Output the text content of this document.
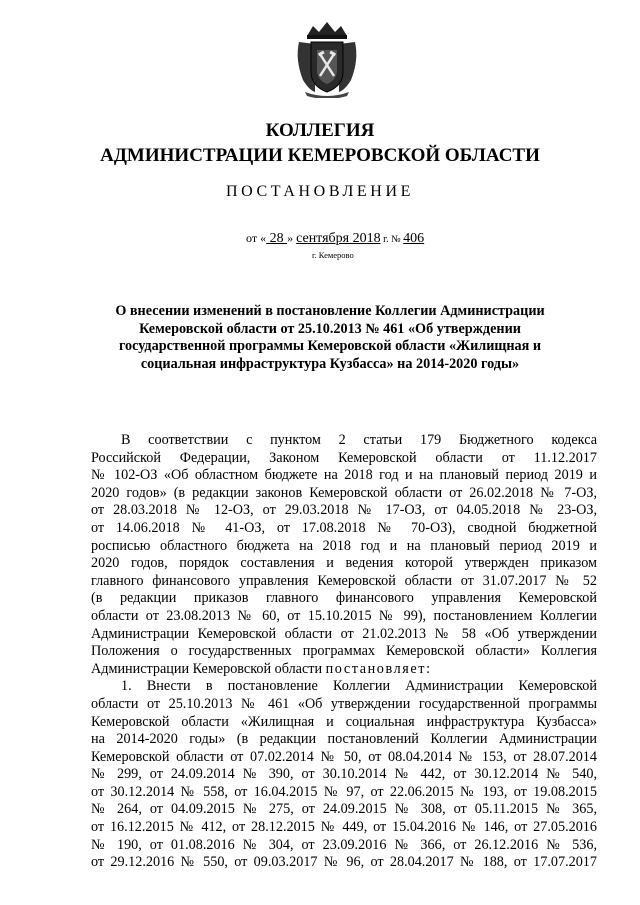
КОЛЛЕГИЯ
АДМИНИСТРАЦИИ КЕМЕРОВСКОЙ ОБЛАСТИ
ПОСТАНОВЛЕНИЕ
от « 28 » сентября 2018 г. № 406
г. Кемерово
О внесении изменений в постановление Коллегии Администрации Кемеровской области от 25.10.2013 № 461 «Об утверждении государственной программы Кемеровской области «Жилищная и социальная инфраструктура Кузбасса» на 2014-2020 годы»
В соответствии с пунктом 2 статьи 179 Бюджетного кодекса
Российской Федерации, Законом Кемеровской области от 11.12.2017
№ 102-ОЗ «Об областном бюджете на 2018 год и на плановый период 2019 и
2020 годов» (в редакции законов Кемеровской области от 26.02.2018 № 7-ОЗ,
от 28.03.2018 № 12-ОЗ, от 29.03.2018 № 17-ОЗ, от 04.05.2018 № 23-ОЗ,
от 14.06.2018 № 41-ОЗ, от 17.08.2018 № 70-ОЗ), сводной бюджетной
росписью областного бюджета на 2018 год и на плановый период 2019 и
2020 годов, порядок составления и ведения которой утвержден приказом
главного финансового управления Кемеровской области от 31.07.2017 № 52
(в редакции приказов главного финансового управления Кемеровской
области от 23.08.2013 № 60, от 15.10.2015 № 99), постановлением Коллегии
Администрации Кемеровской области от 21.02.2013 № 58 «Об утверждении
Положения о государственных программах Кемеровской области» Коллегия
Администрации Кемеровской области постановляет:
1. Внести в постановление Коллегии Администрации Кемеровской
области от 25.10.2013 № 461 «Об утверждении государственной программы
Кемеровской области «Жилищная и социальная инфраструктура Кузбасса»
на 2014-2020 годы» (в редакции постановлений Коллегии Администрации
Кемеровской области от 07.02.2014 № 50, от 08.04.2014 № 153, от 28.07.2014
№ 299, от 24.09.2014 № 390, от 30.10.2014 № 442, от 30.12.2014 № 540,
от 30.12.2014 № 558, от 16.04.2015 № 97, от 22.06.2015 № 193, от 19.08.2015
№ 264, от 04.09.2015 № 275, от 24.09.2015 № 308, от 05.11.2015 № 365,
от 16.12.2015 № 412, от 28.12.2015 № 449, от 15.04.2016 № 146, от 27.05.2016
№ 190, от 01.08.2016 № 304, от 23.09.2016 № 366, от 26.12.2016 № 536,
от 29.12.2016 № 550, от 09.03.2017 № 96, от 28.04.2017 № 188, от 17.07.2017
